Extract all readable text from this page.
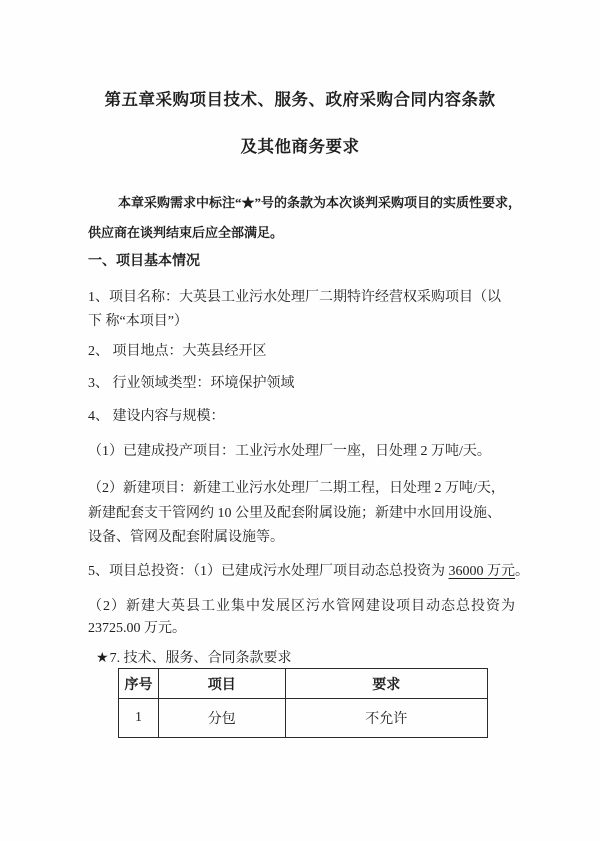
第五章采购项目技术、服务、政府采购合同内容条款
及其他商务要求
本章采购需求中标注“★”号的条款为本次谈判采购项目的实质性要求，
供应商在谈判结束后应全部满足。
一、项目基本情况
1、项目名称：大英县工业污水处理厂二期特许经营权采购项目（以
下 称“本项目”）
2、 项目地点：大英县经开区
3、 行业领域类型：环境保护领域
4、 建设内容与规模：
（1）已建成投产项目：工业污水处理厂一座，日处理 2 万吨/天。
（2）新建项目：新建工业污水处理厂二期工程，日处理 2 万吨/天，
新建配套支干管网约 10 公里及配套附属设施；新建中水回用设施、
设备、管网及配套附属设施等。
5、项目总投资：（1）已建成污水处理厂项目动态总投资为 36000 万元。
（2）新建大英县工业集中发展区污水管网建设项目动态总投资为
23725.00 万元。
★7. 技术、服务、合同条款要求
序号	项目	要求
1	分包	不允许
